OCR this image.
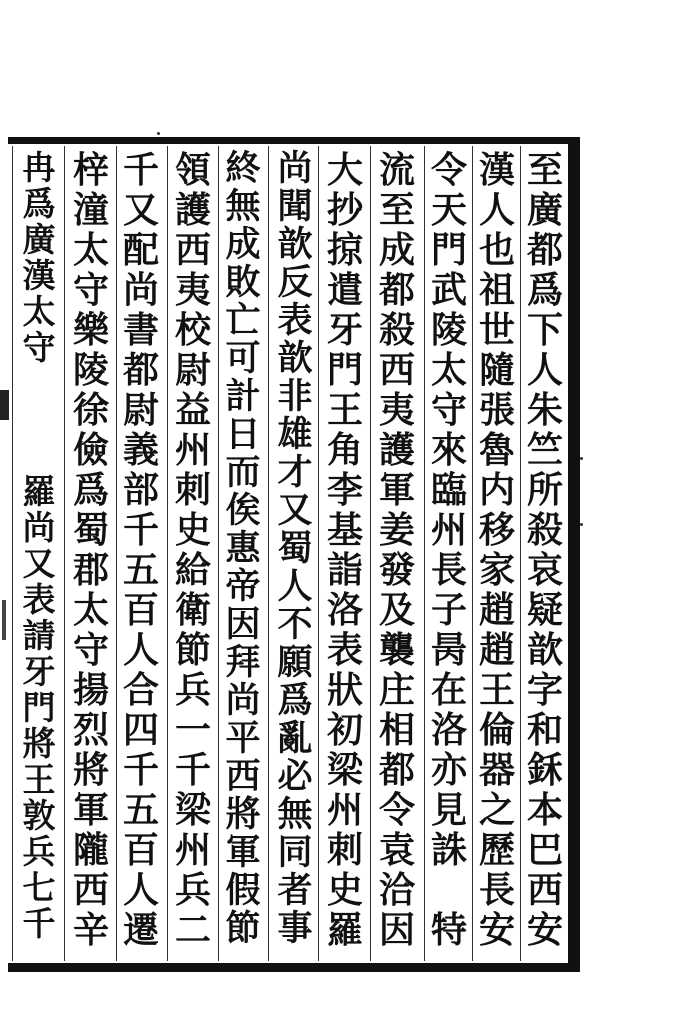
至
廣
都
爲
下
人
朱
竺
所
殺
哀
疑
歆
字
和
鉌
本
巴
西
安
漢
人
也
祖
世
隨
張
魯
内
移
家
趙
趙
王
倫
器
之
歷
長
安
令
天
門
武
陵
太
守
來
臨
州
長
子
昺
在
洛
亦
見
誅
特
流
至
成
都
殺
西
夷
護
軍
姜
發
及
襲
庄
相
都
令
袁
洽
因
大
抄
掠
遣
牙
門
王
角
李
基
詣
洛
表
狀
初
梁
州
刺
史
羅
尚
聞
歆
反
表
歆
非
雄
才
又
蜀
人
不
願
爲
亂
必
無
同
者
事
終
無
成
敗
亡
可
計
日
而
俟
惠
帝
因
拜
尚
平
西
將
軍
假
節
領
護
西
夷
校
尉
益
州
刺
史
給
衛
節
兵
一
千
梁
州
兵
二
千
又
配
尚
書
都
尉
義
部
千
五
百
人
合
四
千
五
百
人
遷
梓
潼
太
守
樂
陵
徐
儉
爲
蜀
郡
太
守
揚
烈
將
軍
隴
西
辛
冉
爲
廣
漢
太
守
羅
尚
又
表
請
牙
門
將
王
敦
兵
七
千
